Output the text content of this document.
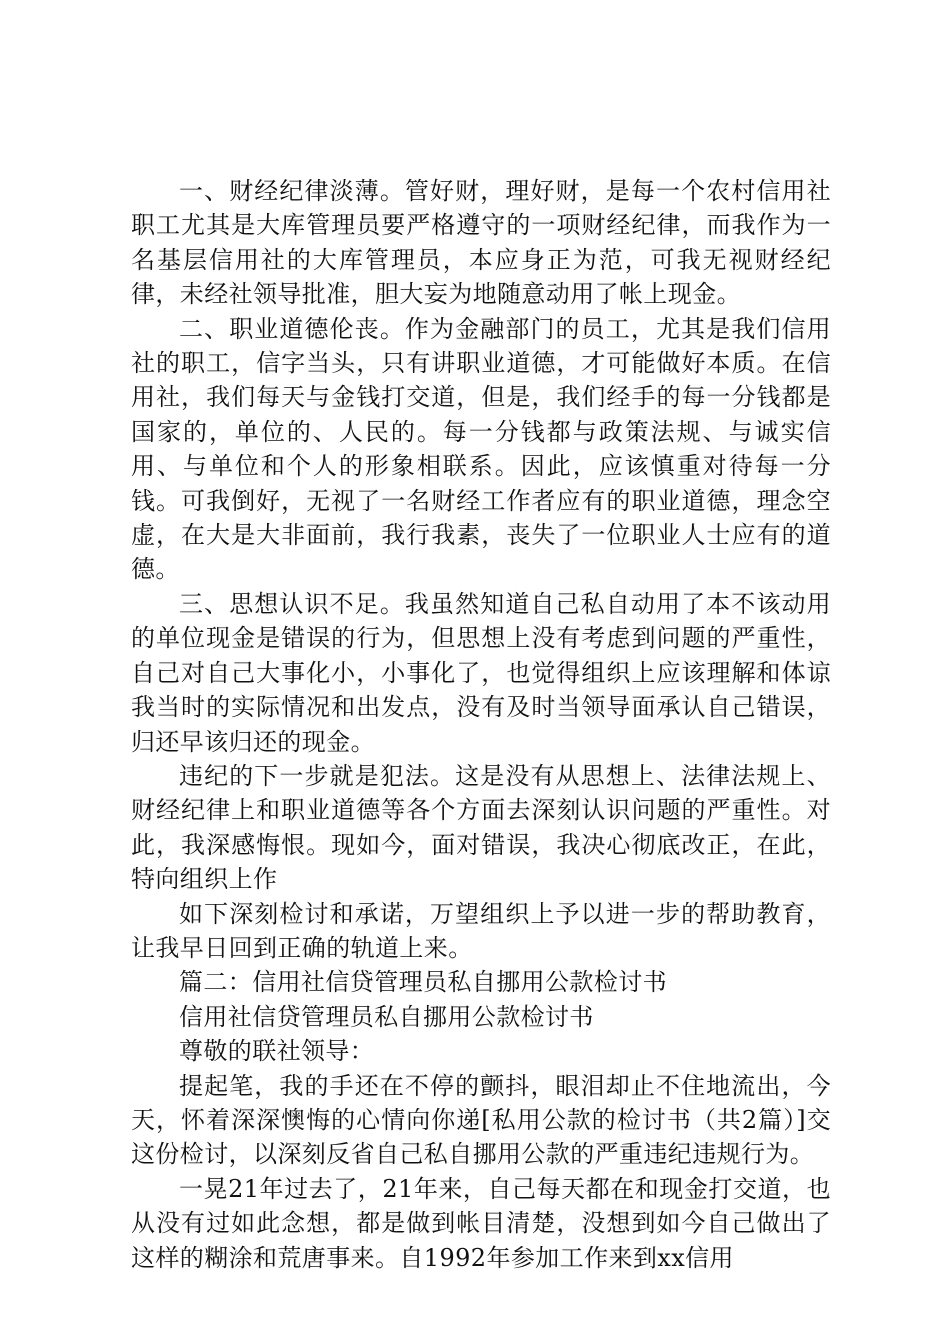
一、财经纪律淡薄。管好财，理好财，是每一个农村信用社职工尤其是大库管理员要严格遵守的一项财经纪律，而我作为一名基层信用社的大库管理员，本应身正为范，可我无视财经纪律，未经社领导批准，胆大妄为地随意动用了帐上现金。

二、职业道德伦丧。作为金融部门的员工，尤其是我们信用社的职工，信字当头，只有讲职业道德，才可能做好本质。在信用社，我们每天与金钱打交道，但是，我们经手的每一分钱都是国家的，单位的、人民的。每一分钱都与政策法规、与诚实信用、与单位和个人的形象相联系。因此，应该慎重对待每一分钱。可我倒好，无视了一名财经工作者应有的职业道德，理念空虚，在大是大非面前，我行我素，丧失了一位职业人士应有的道德。

三、思想认识不足。我虽然知道自己私自动用了本不该动用的单位现金是错误的行为，但思想上没有考虑到问题的严重性，自己对自己大事化小，小事化了，也觉得组织上应该理解和体谅我当时的实际情况和出发点，没有及时当领导面承认自己错误，归还早该归还的现金。

违纪的下一步就是犯法。这是没有从思想上、法律法规上、财经纪律上和职业道德等各个方面去深刻认识问题的严重性。对此，我深感悔恨。现如今，面对错误，我决心彻底改正，在此，特向组织上作

如下深刻检讨和承诺，万望组织上予以进一步的帮助教育，让我早日回到正确的轨道上来。

篇二：信用社信贷管理员私自挪用公款检讨书

信用社信贷管理员私自挪用公款检讨书

尊敬的联社领导：

提起笔，我的手还在不停的颤抖，眼泪却止不住地流出，今天，怀着深深懊悔的心情向你递[私用公款的检讨书（共2篇）]交这份检讨，以深刻反省自己私自挪用公款的严重违纪违规行为。

一晃21年过去了，21年来，自己每天都在和现金打交道，也从没有过如此念想，都是做到帐目清楚，没想到如今自己做出了这样的糊涂和荒唐事来。自1992年参加工作来到xx信用
